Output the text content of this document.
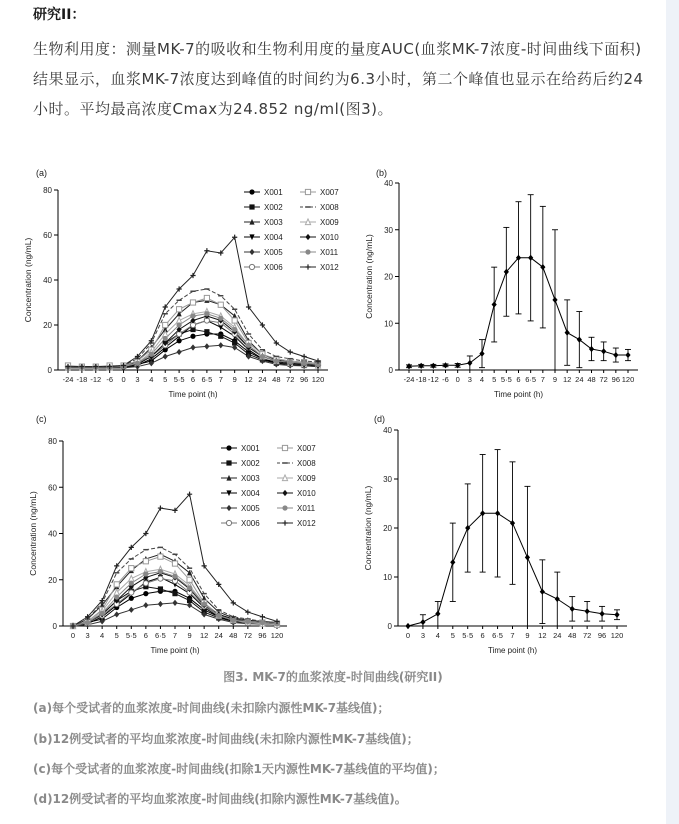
研究II：
生物利用度：测量MK-7的吸收和生物利用度的量度AUC(血浆MK-7浓度-时间曲线下面积)结果显示，血浆MK-7浓度达到峰值的时间约为6.3小时，第二个峰值也显示在给药后约24小时。平均最高浓度Cmax为24.852 ng/ml(图3)。
(a)
0
20
40
60
80
-24 -18 -12 -6 0 3 4 5 5·5 6 6·5 7 9 12 24 48 72 96 120
Time point (h)
Concentration (ng/mL)
X001
X002
X003
X004
X005
X006
X007
X008
X009
X010
X011
X012
(b)
0
10
20
30
40
-24 -18 -12 -6 0 3 4 5 5·5 6 6·5 7 9 12 24 48 72 96 120
Time point (h)
Concentration (ng/mL)
(c)
0
20
40
60
80
0 3 4 5 5·5 6 6·5 7 9 12 24 48 72 96 120
Time point (h)
Concentration (ng/mL)
X001
X002
X003
X004
X005
X006
X007
X008
X009
X010
X011
X012
(d)
0
10
20
30
40
0 3 4 5 5·5 6 6·5 7 9 12 24 48 72 96 120
Time point (h)
Concentration (ng/mL)
图3. MK-7的血浆浓度-时间曲线(研究II)
(a)每个受试者的血浆浓度-时间曲线(未扣除内源性MK-7基线值)；
(b)12例受试者的平均血浆浓度-时间曲线(未扣除内源性MK-7基线值)；
(c)每个受试者的血浆浓度-时间曲线(扣除1天内源性MK-7基线值的平均值)；
(d)12例受试者的平均血浆浓度-时间曲线(扣除内源性MK-7基线值)。
